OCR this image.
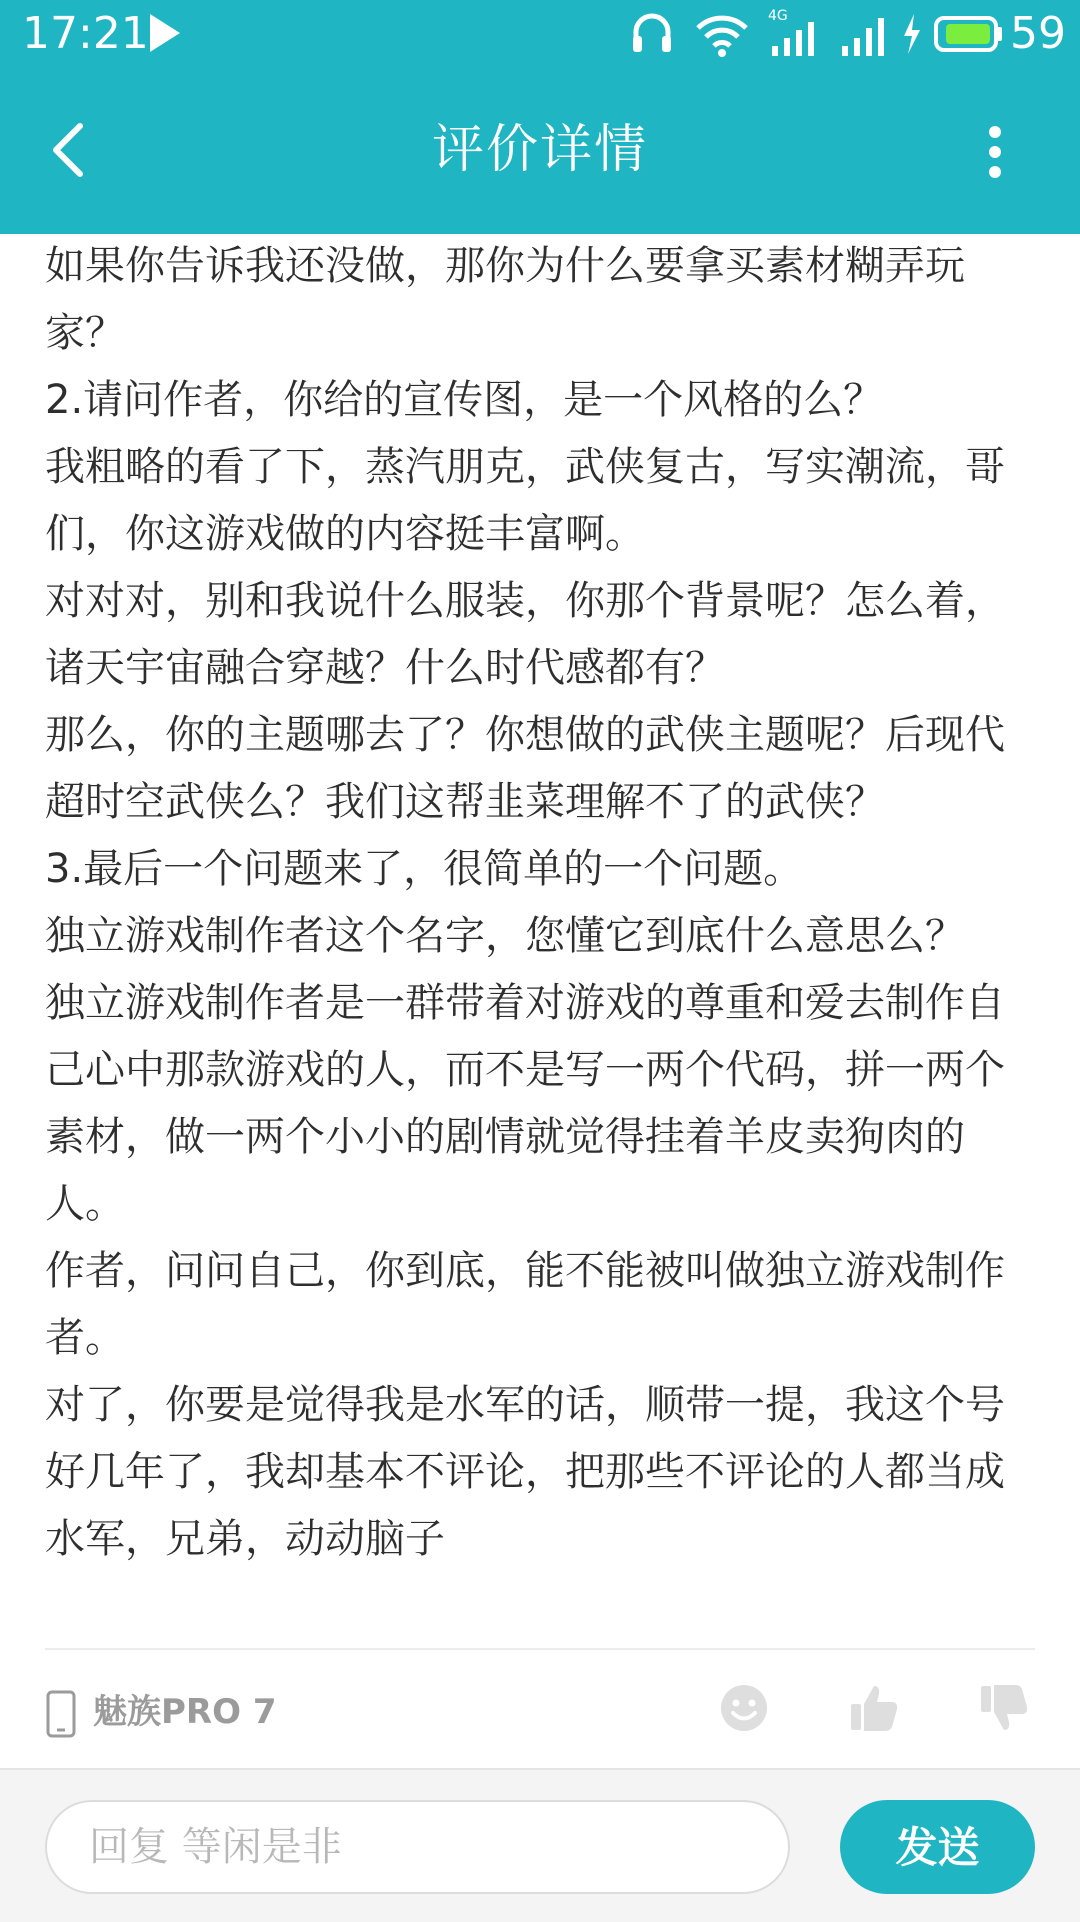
17:21	4G	59
评价详情

如果你告诉我还没做，那你为什么要拿买素材糊弄玩家？

2.请问作者，你给的宣传图，是一个风格的么？

我粗略的看了下，蒸汽朋克，武侠复古，写实潮流，哥们，你这游戏做的内容挺丰富啊。

对对对，别和我说什么服装，你那个背景呢？怎么着，诸天宇宙融合穿越？什么时代感都有？

那么，你的主题哪去了？你想做的武侠主题呢？后现代超时空武侠么？我们这帮韭菜理解不了的武侠？

3.最后一个问题来了，很简单的一个问题。

独立游戏制作者这个名字，您懂它到底什么意思么？

独立游戏制作者是一群带着对游戏的尊重和爱去制作自己心中那款游戏的人，而不是写一两个代码，拼一两个素材，做一两个小小的剧情就觉得挂着羊皮卖狗肉的人。

作者，问问自己，你到底，能不能被叫做独立游戏制作者。

对了，你要是觉得我是水军的话，顺带一提，我这个号好几年了，我却基本不评论，把那些不评论的人都当成水军，兄弟，动动脑子

魅族PRO 7
回复 等闲是非
发送
